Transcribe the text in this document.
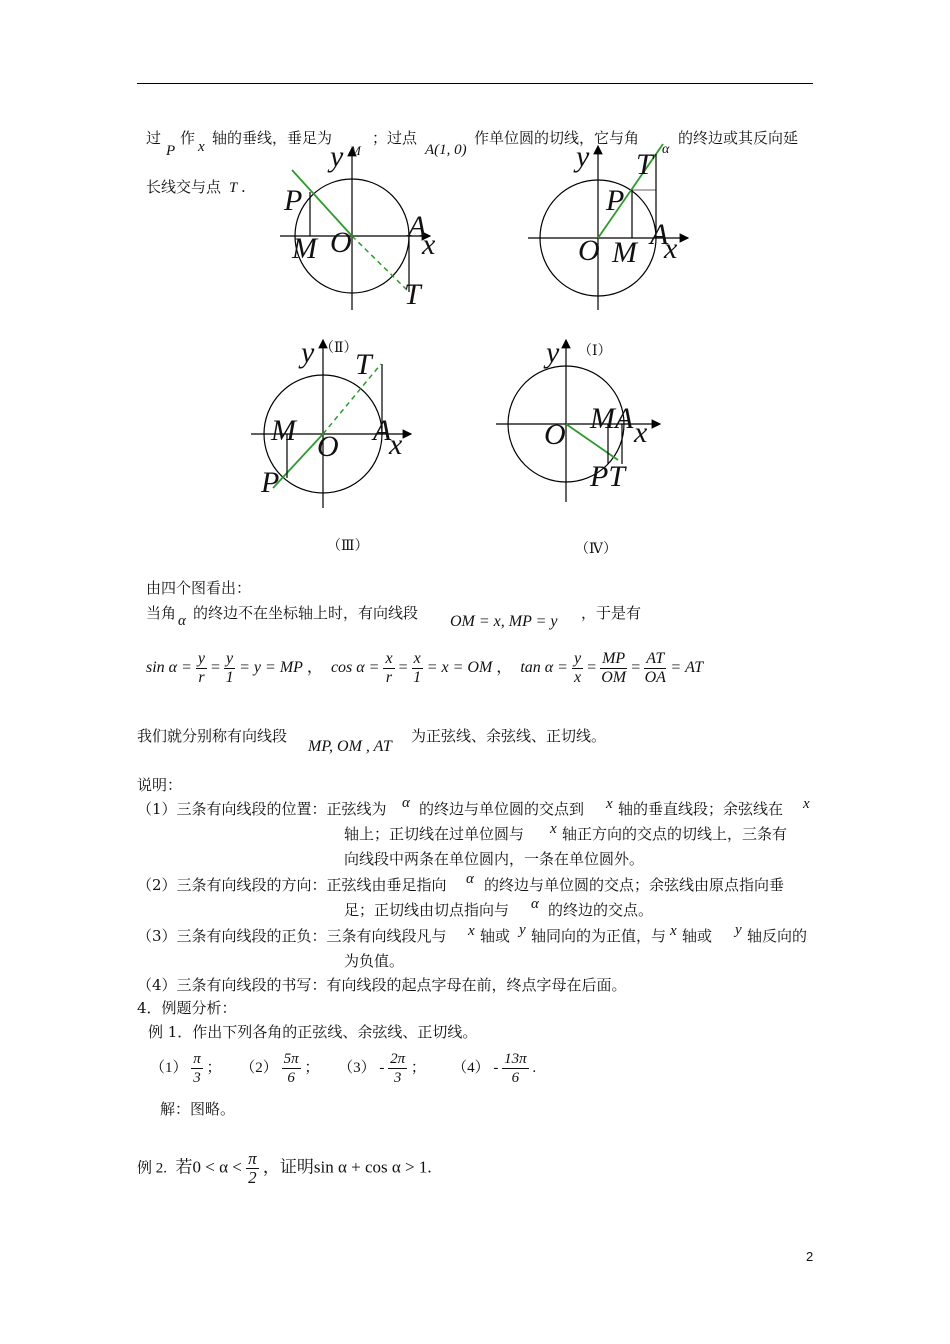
过
P
作 x 轴的垂线，垂足为
M
；过点
A(1, 0)
作单位圆的切线，它与角
α
的终边或其反向延
长线交与点 T .
y
P
M O A
x
T
y T
P
O M
A
x
（Ⅱ）	（Ⅰ）
y T
M O A
x
P
y
O MA x
PT
（Ⅲ）	（Ⅳ）
由四个图看出：
当角 α 的终边不在坐标轴上时，有向线段 OM = x, MP = y ，于是有
$\sin \alpha = \frac{y}{r} = \frac{y}{1} = y$ = MP ， $\cos \alpha = \frac{x}{r} = \frac{x}{1} = x$ = OM ， $\tan \alpha = \frac{y}{x} = \frac{MP}{OM} = \frac{AT}{OA}$ = AT
我们就分别称有向线段
MP, OM , AT
为正弦线、余弦线、正切线。
说明：
（1）三条有向线段的位置：正弦线为 α 的终边与单位圆的交点到 x 轴的垂直线段；余弦线在 x
轴上；正切线在过单位圆与 x 轴正方向的交点的切线上，三条有
向线段中两条在单位圆内，一条在单位圆外。
（2）三条有向线段的方向：正弦线由垂足指向 α 的终边与单位圆的交点；余弦线由原点指向垂
足；正切线由切点指向与 α 的终边的交点。
（3）三条有向线段的正负：三条有向线段凡与 x 轴或 y 轴同向的为正值，与 x 轴或 y 轴反向的
为负值。
（4）三条有向线段的书写：有向线段的起点字母在前，终点字母在后面。
4．例题分析：
例 1．作出下列各角的正弦线、余弦线、正切线。
$(1) \frac{\pi}{3}$ ； $(2) \frac{5\pi}{6}$ ； $(3) - \frac{2\pi}{3}$ ； $(4) - \frac{13\pi}{6}$ .
解：图略。
例 2. 若$0 < \alpha < \frac{\pi}{2}$ ，证明sin α + cos α > 1.
2
